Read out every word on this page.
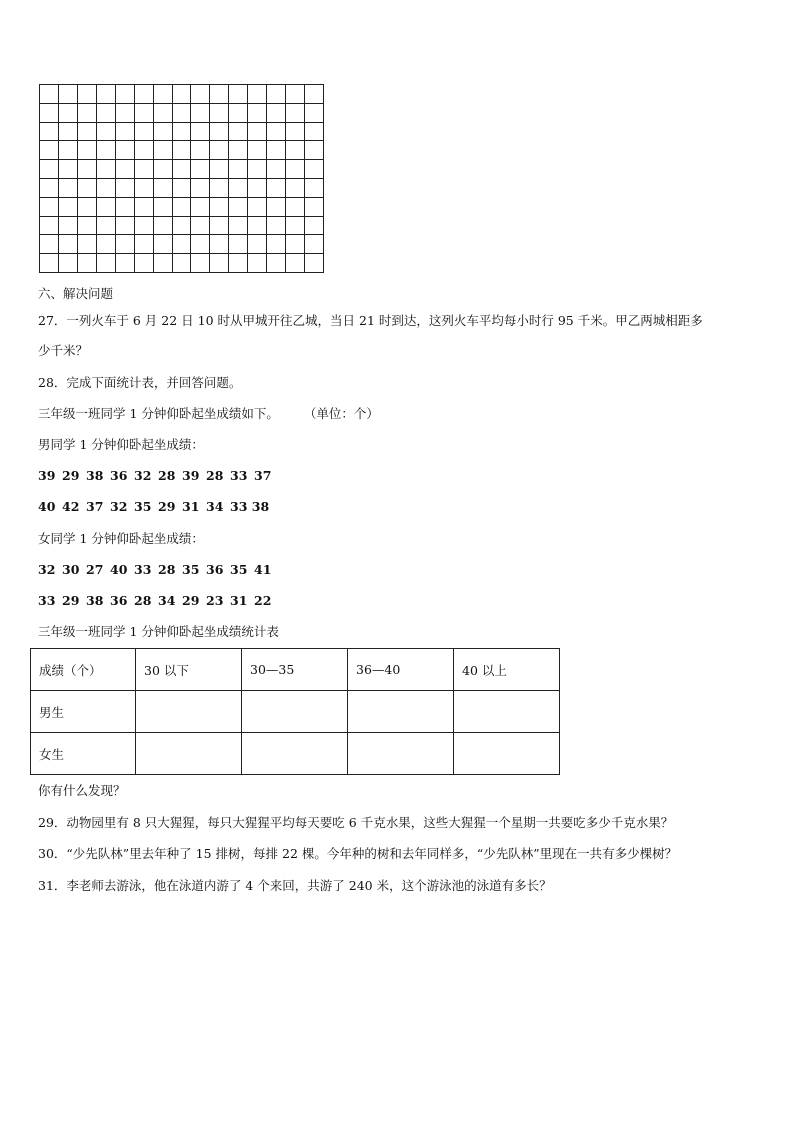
六、解决问题
27．一列火车于 6 月 22 日 10 时从甲城开往乙城，当日 21 时到达，这列火车平均每小时行 95 千米。甲乙两城相距多
少千米？
28．完成下面统计表，并回答问题。
三年级一班同学 1 分钟仰卧起坐成绩如下。　　　（单位：个）
男同学 1 分钟仰卧起坐成绩：
39 29 38 36 32 28 39 28 33 37
40 42 37 32 35 29 31 34 33 38
女同学 1 分钟仰卧起坐成绩：
32 30 27 40 33 28 35 36 35 41
33 29 38 36 28 34 29 23 31 22
三年级一班同学 1 分钟仰卧起坐成绩统计表
成绩（个）	30 以下	30—35	36—40	40 以上
男生				
女生				
你有什么发现？
29．动物园里有 8 只大猩猩，每只大猩猩平均每天要吃 6 千克水果，这些大猩猩一个星期一共要吃多少千克水果？
30．“少先队林”里去年种了 15 排树，每排 22 棵。今年种的树和去年同样多，“少先队林”里现在一共有多少棵树？
31．李老师去游泳，他在泳道内游了 4 个来回，共游了 240 米，这个游泳池的泳道有多长？
